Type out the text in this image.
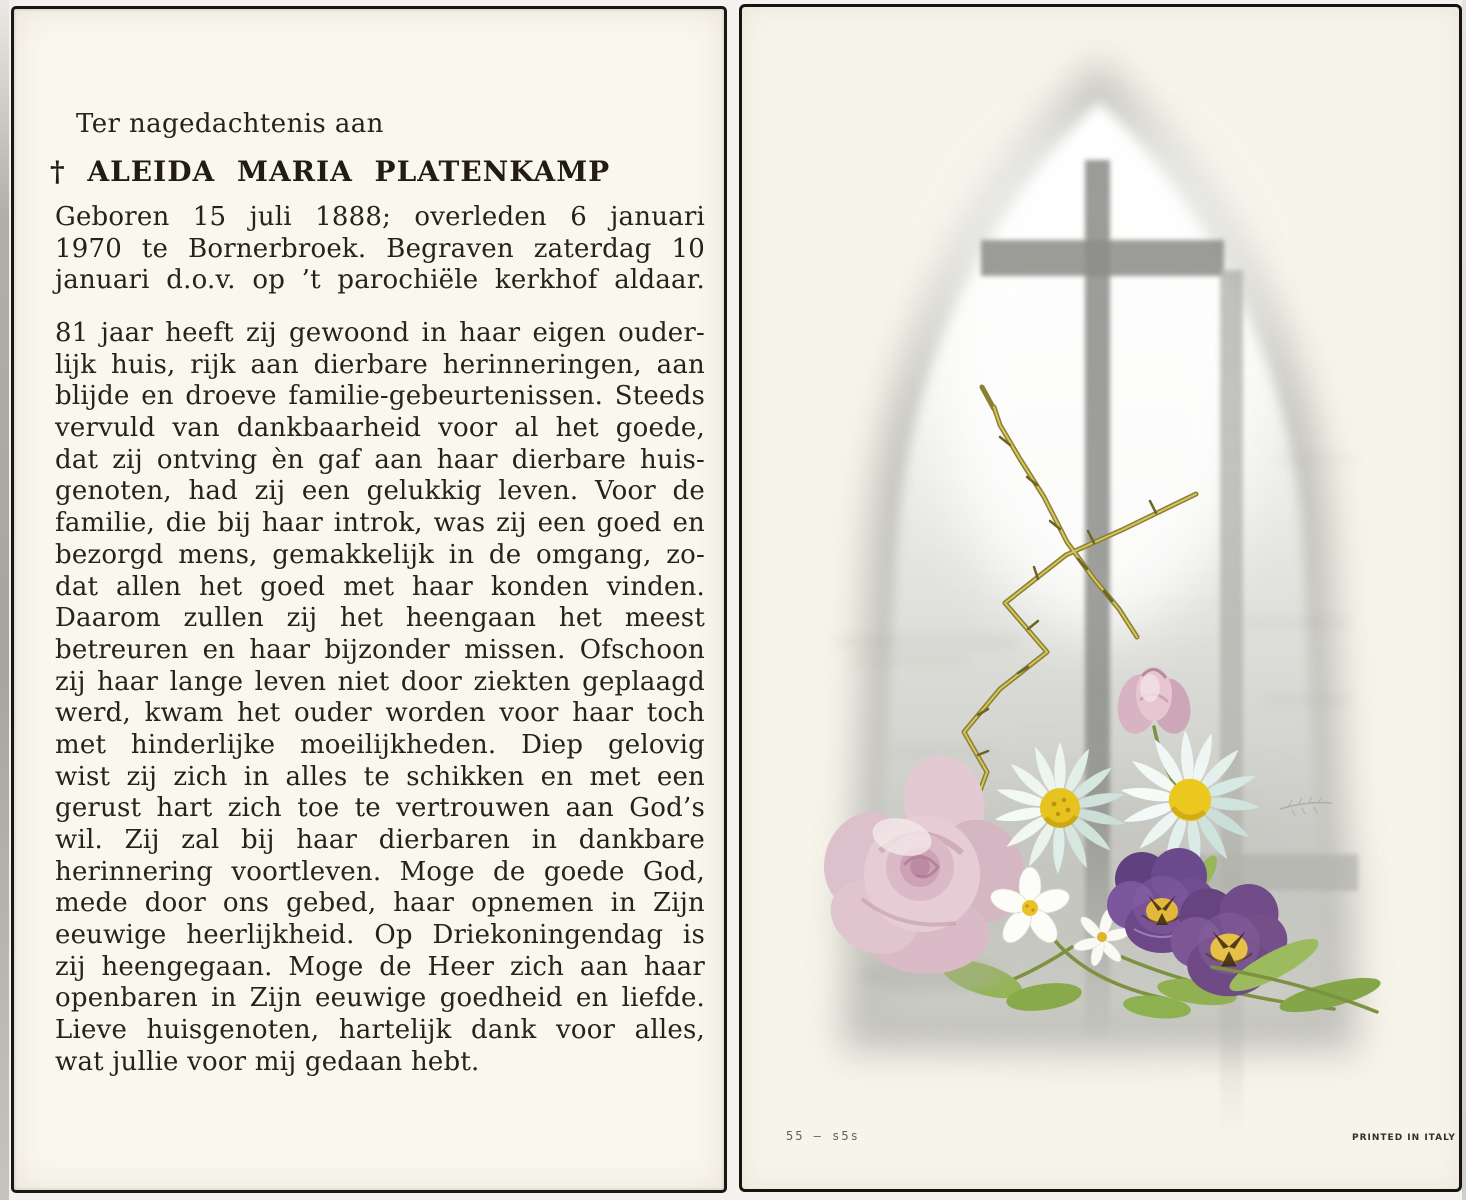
Ter nagedachtenis aan
† ALEIDA MARIA PLATENKAMP
Geboren 15 juli 1888; overleden 6 januari
1970 te Bornerbroek. Begraven zaterdag 10
januari d.o.v. op ’t parochiële kerkhof aldaar.
81 jaar heeft zij gewoond in haar eigen ouder-
lijk huis, rijk aan dierbare herinneringen, aan
blijde en droeve familie-gebeurtenissen. Steeds
vervuld van dankbaarheid voor al het goede,
dat zij ontving èn gaf aan haar dierbare huis-
genoten, had zij een gelukkig leven. Voor de
familie, die bij haar introk, was zij een goed en
bezorgd mens, gemakkelijk in de omgang, zo-
dat allen het goed met haar konden vinden.
Daarom zullen zij het heengaan het meest
betreuren en haar bijzonder missen. Ofschoon
zij haar lange leven niet door ziekten geplaagd
werd, kwam het ouder worden voor haar toch
met hinderlijke moeilijkheden. Diep gelovig
wist zij zich in alles te schikken en met een
gerust hart zich toe te vertrouwen aan God’s
wil. Zij zal bij haar dierbaren in dankbare
herinnering voortleven. Moge de goede God,
mede door ons gebed, haar opnemen in Zijn
eeuwige heerlijkheid. Op Driekoningendag is
zij heengegaan. Moge de Heer zich aan haar
openbaren in Zijn eeuwige goedheid en liefde.
Lieve huisgenoten, hartelijk dank voor alles,
wat jullie voor mij gedaan hebt.
55 — s5s	PRINTED IN ITALY
